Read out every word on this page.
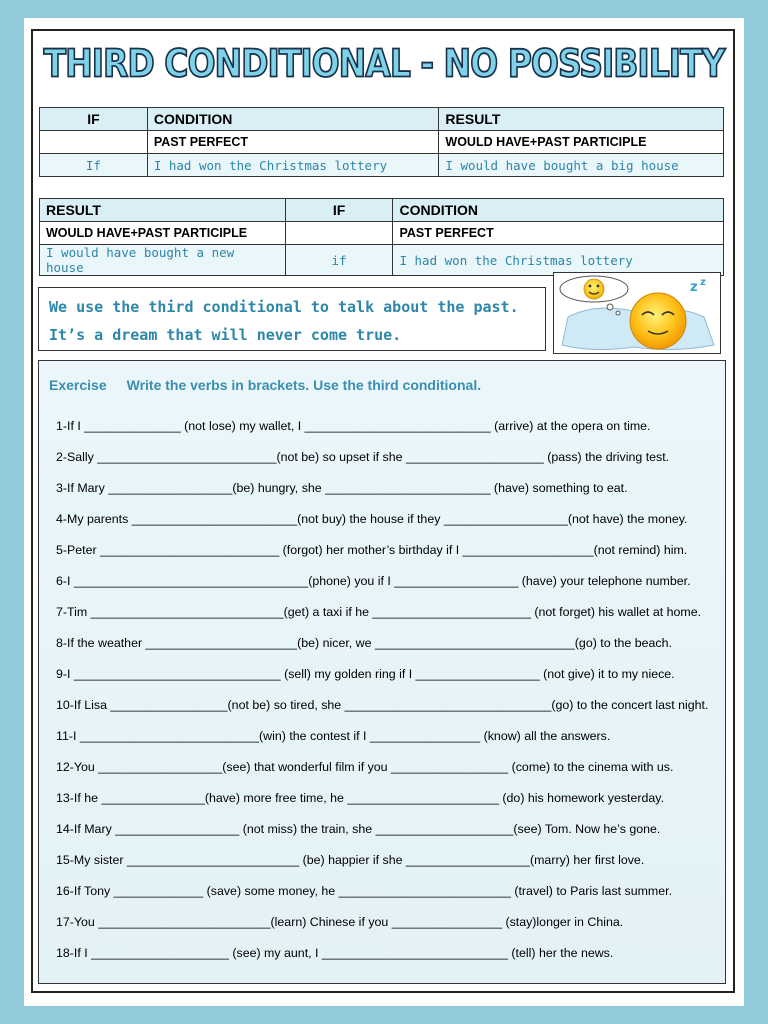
THIRD CONDITIONAL - NO POSSIBILITY
IF	CONDITION	RESULT
	PAST PERFECT	WOULD HAVE+PAST PARTICIPLE
If	I had won the Christmas lottery	I would have bought a big house
RESULT	IF	CONDITION
WOULD HAVE+PAST PARTICIPLE		PAST PERFECT
I would have bought a new house	if	I had won the Christmas lottery
We use the third conditional to talk about the past.
It’s a dream that will never come true.
z z
Exercise Write the verbs in brackets. Use the third conditional.
1-If I ______________ (not lose) my wallet, I ___________________________ (arrive) at the opera on time.
2-Sally __________________________(not be) so upset if she ____________________ (pass) the driving test.
3-If Mary __________________(be) hungry, she ________________________ (have) something to eat.
4-My parents ________________________(not buy) the house if they __________________(not have) the money.
5-Peter __________________________ (forgot) her mother’s birthday if I ___________________(not remind) him.
6-I __________________________________(phone) you if I __________________ (have) your telephone number.
7-Tim ____________________________(get) a taxi if he _______________________ (not forget) his wallet at home.
8-If the weather ______________________(be) nicer, we _____________________________(go) to the beach.
9-I ______________________________ (sell) my golden ring if I __________________ (not give) it to my niece.
10-If Lisa _________________(not be) so tired, she ______________________________(go) to the concert last night.
11-I __________________________(win) the contest if I ________________ (know) all the answers.
12-You __________________(see) that wonderful film if you _________________ (come) to the cinema with us.
13-If he _______________(have) more free time, he ______________________ (do) his homework yesterday.
14-If Mary __________________ (not miss) the train, she ____________________(see) Tom. Now he’s gone.
15-My sister _________________________ (be) happier if she __________________(marry) her first love.
16-If Tony _____________ (save) some money, he _________________________ (travel) to Paris last summer.
17-You _________________________(learn) Chinese if you ________________ (stay)longer in China.
18-If I ____________________ (see) my aunt, I ___________________________ (tell) her the news.
